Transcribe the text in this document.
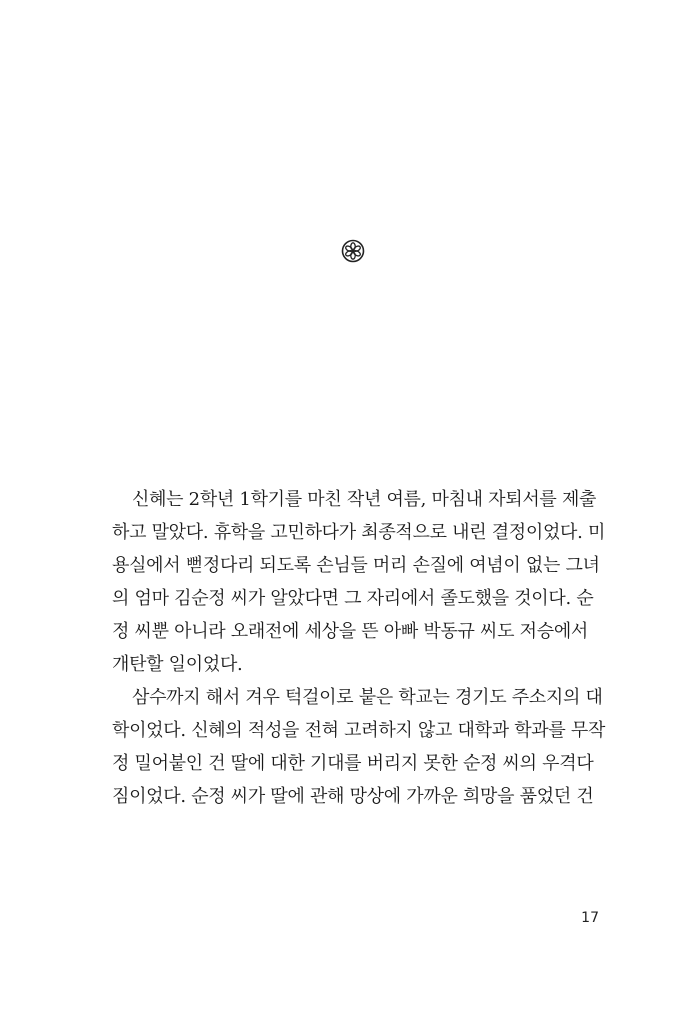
신혜는 2학년 1학기를 마친 작년 여름, 마침내 자퇴서를 제출

하고 말았다. 휴학을 고민하다가 최종적으로 내린 결정이었다. 미

용실에서 뻗정다리 되도록 손님들 머리 손질에 여념이 없는 그녀

의 엄마 김순정 씨가 알았다면 그 자리에서 졸도했을 것이다. 순

정 씨뿐 아니라 오래전에 세상을 뜬 아빠 박동규 씨도 저승에서

개탄할 일이었다.

삼수까지 해서 겨우 턱걸이로 붙은 학교는 경기도 주소지의 대

학이었다. 신혜의 적성을 전혀 고려하지 않고 대학과 학과를 무작

정 밀어붙인 건 딸에 대한 기대를 버리지 못한 순정 씨의 우격다

짐이었다. 순정 씨가 딸에 관해 망상에 가까운 희망을 품었던 건

17
